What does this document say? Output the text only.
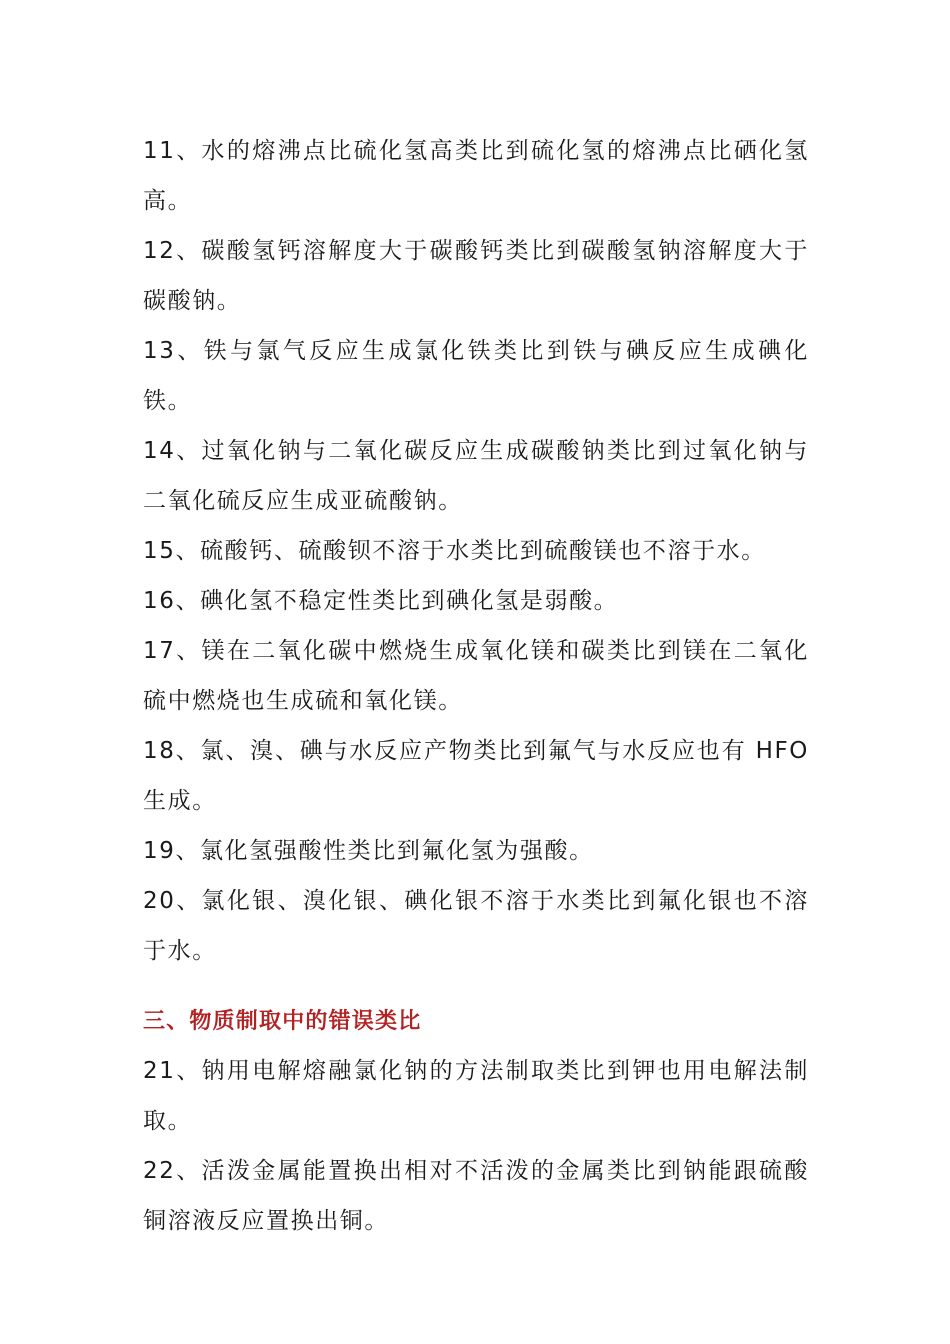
11、水的熔沸点比硫化氢高类比到硫化氢的熔沸点比硒化氢高。

12、碳酸氢钙溶解度大于碳酸钙类比到碳酸氢钠溶解度大于碳酸钠。

13、铁与氯气反应生成氯化铁类比到铁与碘反应生成碘化铁。

14、过氧化钠与二氧化碳反应生成碳酸钠类比到过氧化钠与二氧化硫反应生成亚硫酸钠。

15、硫酸钙、硫酸钡不溶于水类比到硫酸镁也不溶于水。

16、碘化氢不稳定性类比到碘化氢是弱酸。

17、镁在二氧化碳中燃烧生成氧化镁和碳类比到镁在二氧化硫中燃烧也生成硫和氧化镁。

18、氯、溴、碘与水反应产物类比到氟气与水反应也有 HFO 生成。

19、氯化氢强酸性类比到氟化氢为强酸。

20、氯化银、溴化银、碘化银不溶于水类比到氟化银也不溶于水。

三、物质制取中的错误类比

21、钠用电解熔融氯化钠的方法制取类比到钾也用电解法制取。

22、活泼金属能置换出相对不活泼的金属类比到钠能跟硫酸铜溶液反应置换出铜。
